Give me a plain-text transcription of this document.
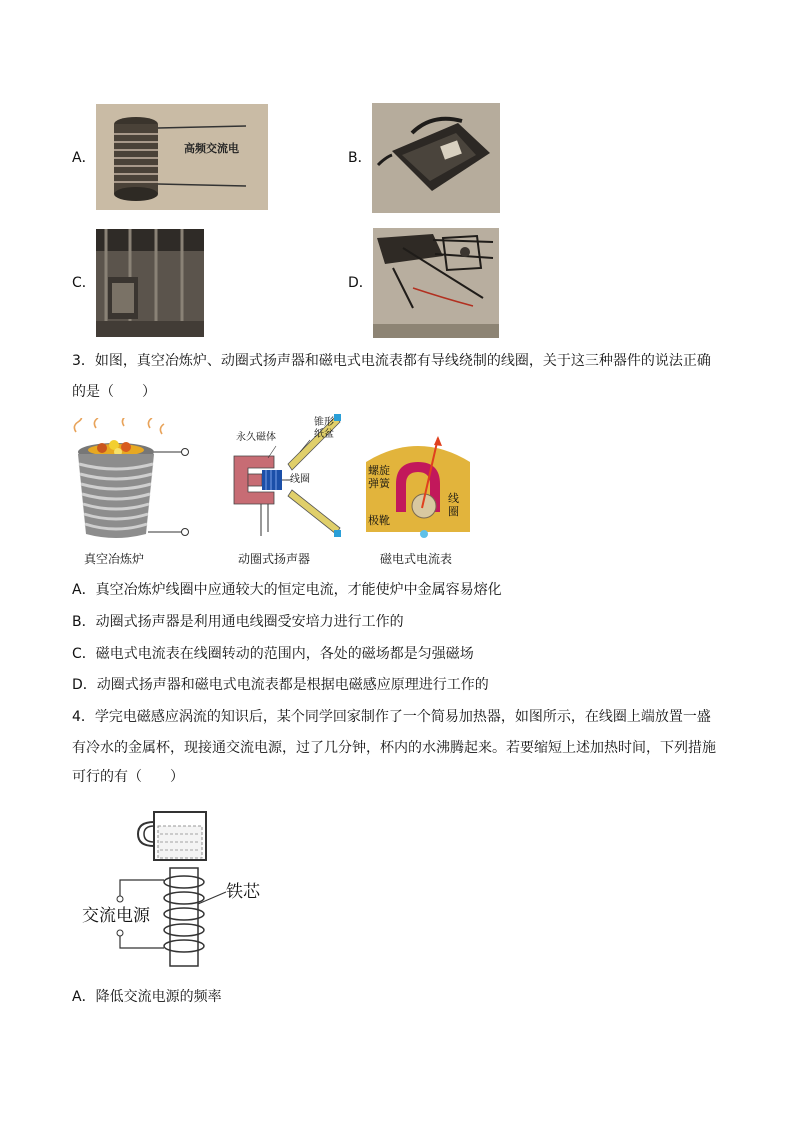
A．
高频交流电
B．
C．	D．
3．如图，真空冶炼炉、动圈式扬声器和磁电式电流表都有导线绕制的线圈，关于这三种器件的说法正确
的是（　　）
真空冶炼炉
永久磁体
锥形
纸盆
线圈
动圈式扬声器
螺旋
弹簧
线
圈
极靴
磁电式电流表
A．真空冶炼炉线圈中应通较大的恒定电流，才能使炉中金属容易熔化
B．动圈式扬声器是利用通电线圈受安培力进行工作的
C．磁电式电流表在线圈转动的范围内，各处的磁场都是匀强磁场
D．动圈式扬声器和磁电式电流表都是根据电磁感应原理进行工作的
4．学完电磁感应涡流的知识后，某个同学回家制作了一个简易加热器，如图所示，在线圈上端放置一盛
有冷水的金属杯，现接通交流电源，过了几分钟，杯内的水沸腾起来。若要缩短上述加热时间，下列措施
可行的有（　　）
交流电源
铁芯
A．降低交流电源的频率
